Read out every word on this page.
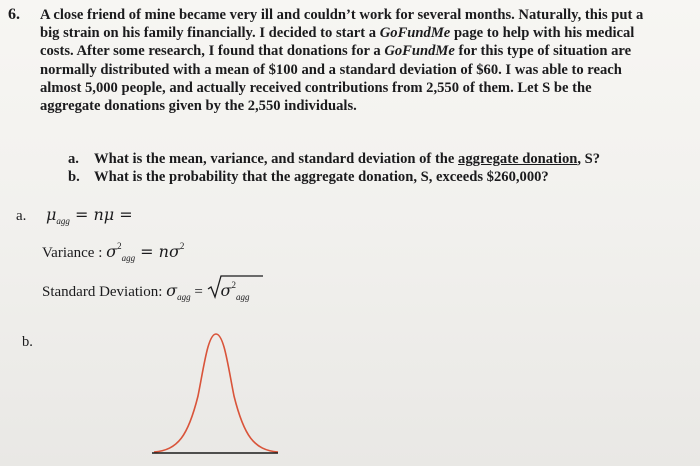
6. A close friend of mine became very ill and couldn’t work for several months. Naturally, this put a
big strain on his family financially. I decided to start a GoFundMe page to help with his medical
costs. After some research, I found that donations for a GoFundMe for this type of situation are
normally distributed with a mean of $100 and a standard deviation of $60. I was able to reach
almost 5,000 people, and actually received contributions from 2,550 of them. Let S be the
aggregate donations given by the 2,550 individuals.
a. What is the mean, variance, and standard deviation of the aggregate donation, S?
b. What is the probability that the aggregate donation, S, exceeds $260,000?
a. $\mu_{agg} = n\mu$ =
Variance : $\sigma^2_{agg} = n\sigma^2$
Standard Deviation: $\sigma_{agg}$ =
$\sigma^2_{agg}$
b.
